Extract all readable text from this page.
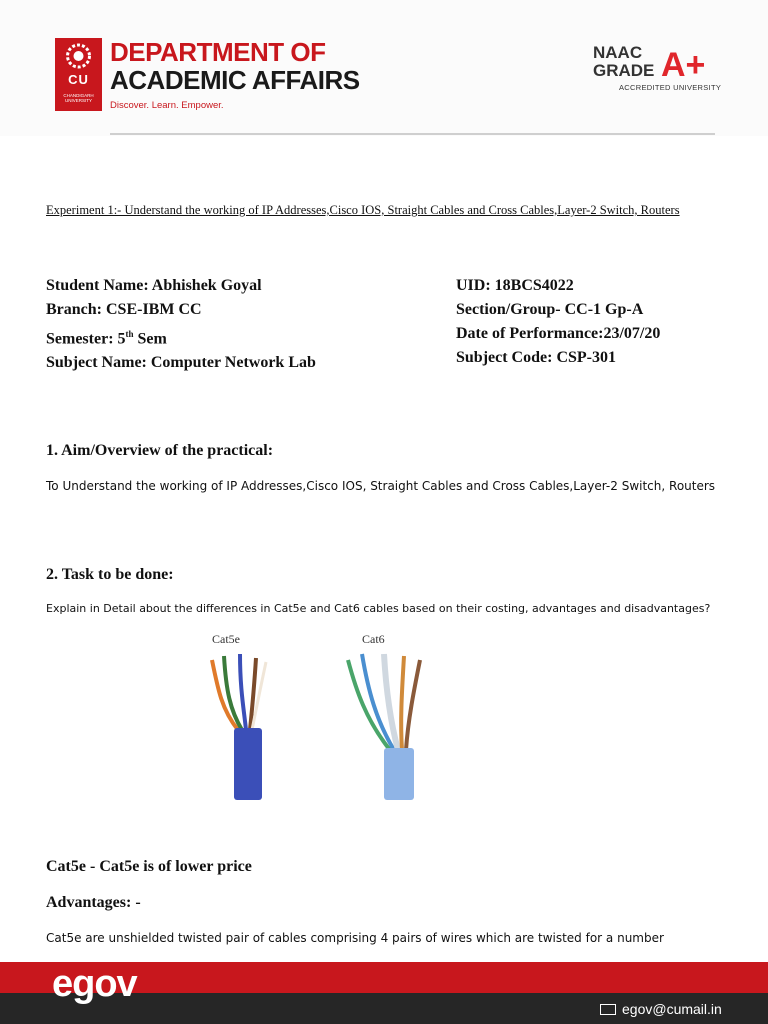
CU
CHANDIGARH UNIVERSITY
DEPARTMENT OF
ACADEMIC AFFAIRS
Discover. Learn. Empower.
NAAC
GRADE A+
ACCREDITED UNIVERSITY
Experiment 1:- Understand the working of IP Addresses,Cisco IOS, Straight Cables and Cross Cables,Layer-2 Switch, Routers
Student Name: Abhishek Goyal
Branch: CSE-IBM CC
Semester: 5th Sem
Subject Name: Computer Network Lab
UID: 18BCS4022
Section/Group- CC-1 Gp-A
Date of Performance:23/07/20
Subject Code: CSP-301
1. Aim/Overview of the practical:
To Understand the working of IP Addresses,Cisco IOS, Straight Cables and Cross Cables,Layer-2 Switch, Routers
2. Task to be done:
Explain in Detail about the differences in Cat5e and Cat6 cables based on their costing, advantages and disadvantages?
Cat5e	Cat6
Cat5e - Cat5e is of lower price
Advantages: -
Cat5e are unshielded twisted pair of cables comprising 4 pairs of wires which are twisted for a number
egov
egov@cumail.in
